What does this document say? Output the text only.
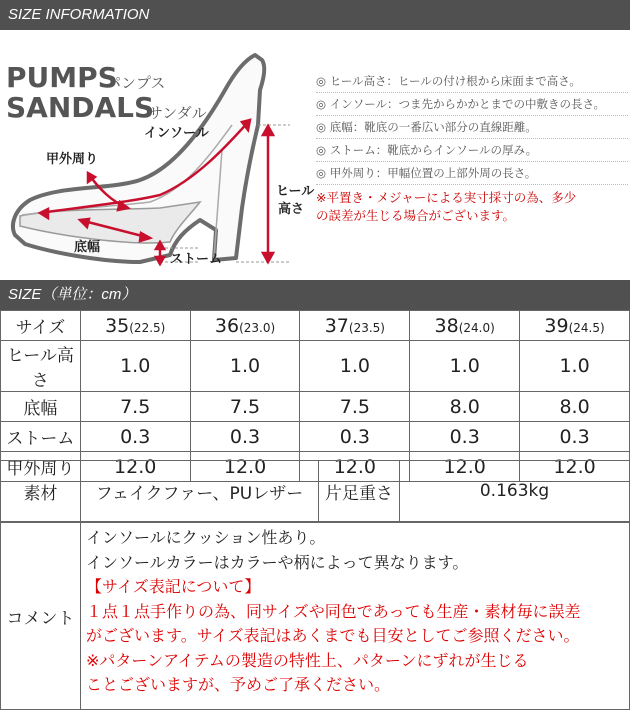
SIZE INFORMATION
PUMPS
パンプス
SANDALS
サンダル
インソール
甲外周り
底幅
ストーム
ヒール
高さ
◎ ヒール高さ：ヒールの付け根から床面まで高さ。
◎ インソール：つま先からかかとまでの中敷きの長さ。
◎ 底幅：靴底の一番広い部分の直線距離。
◎ ストーム：靴底からインソールの厚み。
◎ 甲外周り：甲幅位置の上部外周の長さ。
※平置き・メジャーによる実寸採寸の為、多少
の誤差が生じる場合がございます。
SIZE（単位：cm）
サイズ	35(22.5)	36(23.0)	37(23.5)	38(24.0)	39(24.5)
ヒール高さ	1.0	1.0	1.0	1.0	1.0
底幅	7.5	7.5	7.5	8.0	8.0
ストーム	0.3	0.3	0.3	0.3	0.3
甲外周り	12.0	12.0	12.0	12.0	12.0
素材	フェイクファー、PUレザー	片足重さ	0.163kg
コメント
インソールにクッション性あり。
インソールカラーはカラーや柄によって異なります。
【サイズ表記について】
１点１点手作りの為、同サイズや同色であっても生産・素材毎に誤差
がございます。サイズ表記はあくまでも目安としてご参照ください。
※パターンアイテムの製造の特性上、パターンにずれが生じる
ことございますが、予めご了承ください。
